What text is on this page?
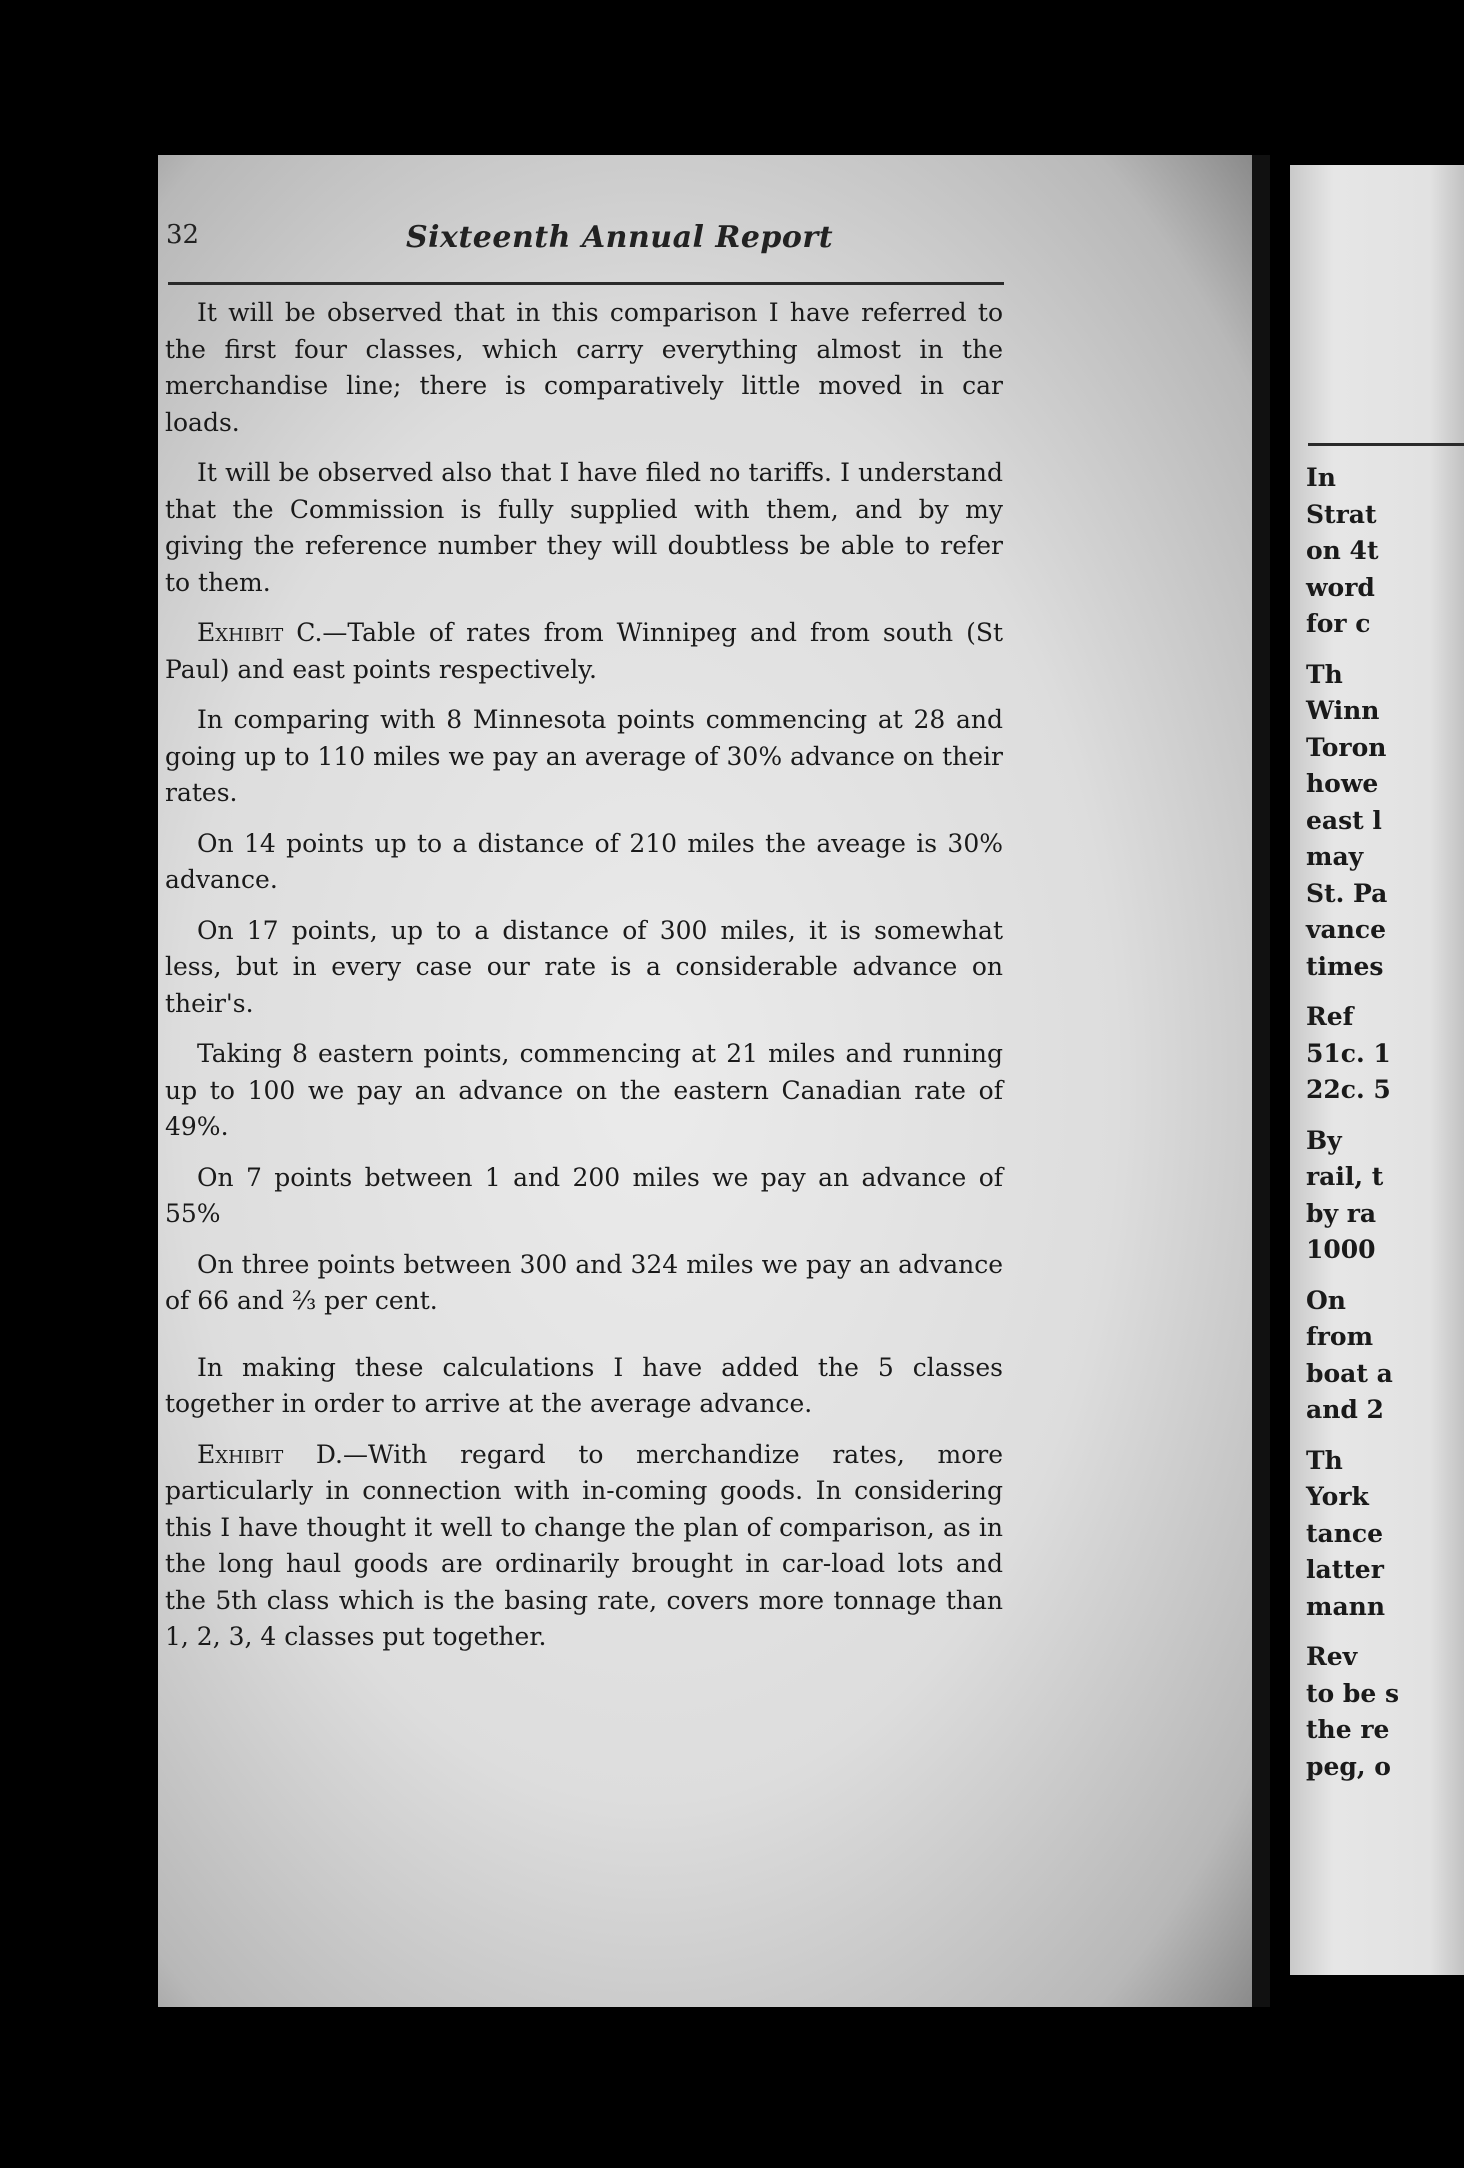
32	Sixteenth Annual Report

It will be observed that in this comparison I have referred to the first four classes, which carry everything almost in the merchandise line; there is comparatively little moved in car loads.

It will be observed also that I have filed no tariffs. I understand that the Commission is fully supplied with them, and by my giving the reference number they will doubtless be able to refer to them.

Exhibit C.—Table of rates from Winnipeg and from south (St Paul) and east points respectively.

In comparing with 8 Minnesota points commencing at 28 and going up to 110 miles we pay an average of 30% advance on their rates.

On 14 points up to a distance of 210 miles the aveage is 30% advance.

On 17 points, up to a distance of 300 miles, it is somewhat less, but in every case our rate is a considerable advance on their's.

Taking 8 eastern points, commencing at 21 miles and running up to 100 we pay an advance on the eastern Canadian rate of 49%.

On 7 points between 1 and 200 miles we pay an advance of 55%

On three points between 300 and 324 miles we pay an advance of 66 and ⅔ per cent.

In making these calculations I have added the 5 classes together in order to arrive at the average advance.

Exhibit D.—With regard to merchandize rates, more particularly in connection with in-coming goods. In considering this I have thought it well to change the plan of comparison, as in the long haul goods are ordinarily brought in car-load lots and the 5th class which is the basing rate, covers more tonnage than 1, 2, 3, 4 classes put together.

In
Strat
on 4t
word
for c
Th
Winn
Toron
howe
east l
may
St. Pa
vance
times
Ref
51c. 1
22c. 5
By
rail, t
by ra
1000
On
from
boat a
and 2
Th
York
tance
latter
mann
Rev
to be s
the re
peg, o
